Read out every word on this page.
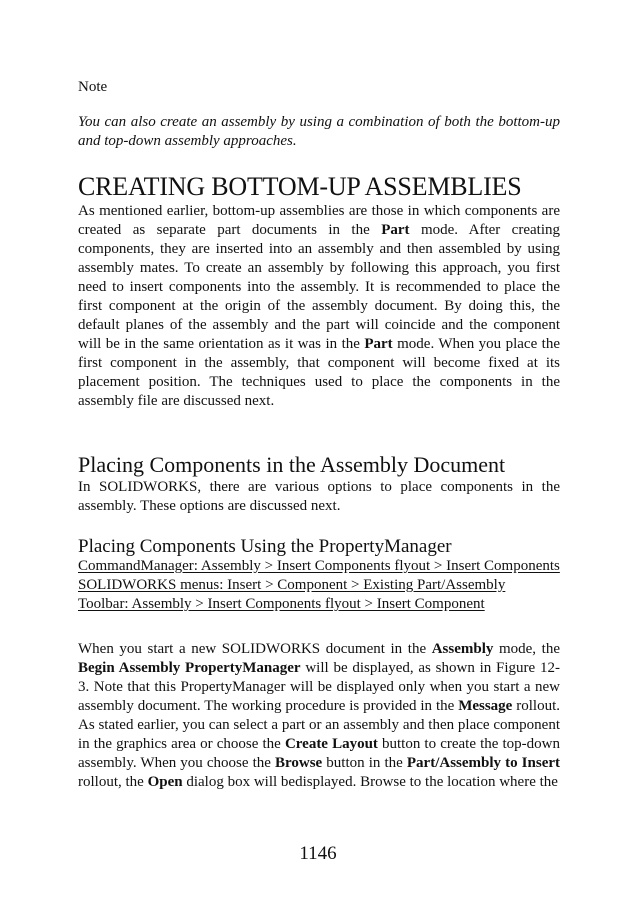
Note

You can also create an assembly by using a combination of both the bottom-up and top-down assembly approaches.

CREATING BOTTOM-UP ASSEMBLIES

As mentioned earlier, bottom-up assemblies are those in which components are created as separate part documents in the Part mode. After creating components, they are inserted into an assembly and then assembled by using assembly mates. To create an assembly by following this approach, you first need to insert components into the assembly. It is recommended to place the first component at the origin of the assembly document. By doing this, the default planes of the assembly and the part will coincide and the component will be in the same orientation as it was in the Part mode. When you place the first component in the assembly, that component will become fixed at its placement position. The techniques used to place the components in the assembly file are discussed next.

Placing Components in the Assembly Document

In SOLIDWORKS, there are various options to place components in the assembly. These options are discussed next.

Placing Components Using the PropertyManager
CommandManager: Assembly > Insert Components flyout > Insert Components
SOLIDWORKS menus: Insert > Component > Existing Part/Assembly
Toolbar: Assembly > Insert Components flyout > Insert Component

When you start a new SOLIDWORKS document in the Assembly mode, the Begin Assembly PropertyManager will be displayed, as shown in Figure 12-3. Note that this PropertyManager will be displayed only when you start a new assembly document. The working procedure is provided in the Message rollout. As stated earlier, you can select a part or an assembly and then place component in the graphics area or choose the Create Layout button to create the top-down assembly. When you choose the Browse button in the Part/Assembly to Insert rollout, the Open dialog box will bedisplayed. Browse to the location where the

1146
